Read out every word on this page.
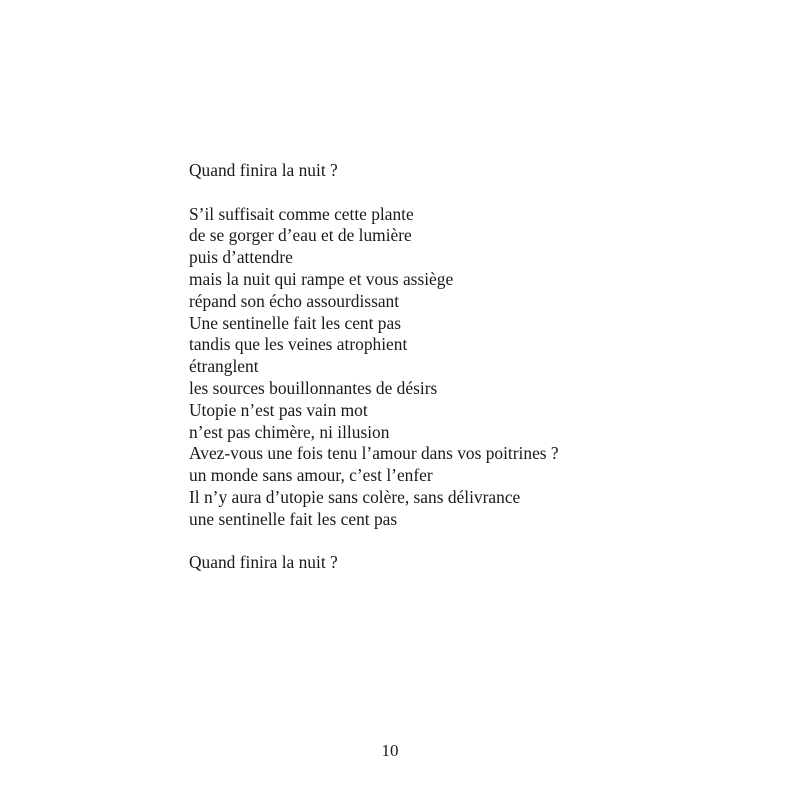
Quand finira la nuit ?
S’il suffisait comme cette plante
de se gorger d’eau et de lumière
puis d’attendre
mais la nuit qui rampe et vous assiège
répand son écho assourdissant
Une sentinelle fait les cent pas
tandis que les veines atrophient
étranglent
les sources bouillonnantes de désirs
Utopie n’est pas vain mot
n’est pas chimère, ni illusion
Avez-vous une fois tenu l’amour dans vos poitrines ?
un monde sans amour, c’est l’enfer
Il n’y aura d’utopie sans colère, sans délivrance
une sentinelle fait les cent pas
Quand finira la nuit ?
10
